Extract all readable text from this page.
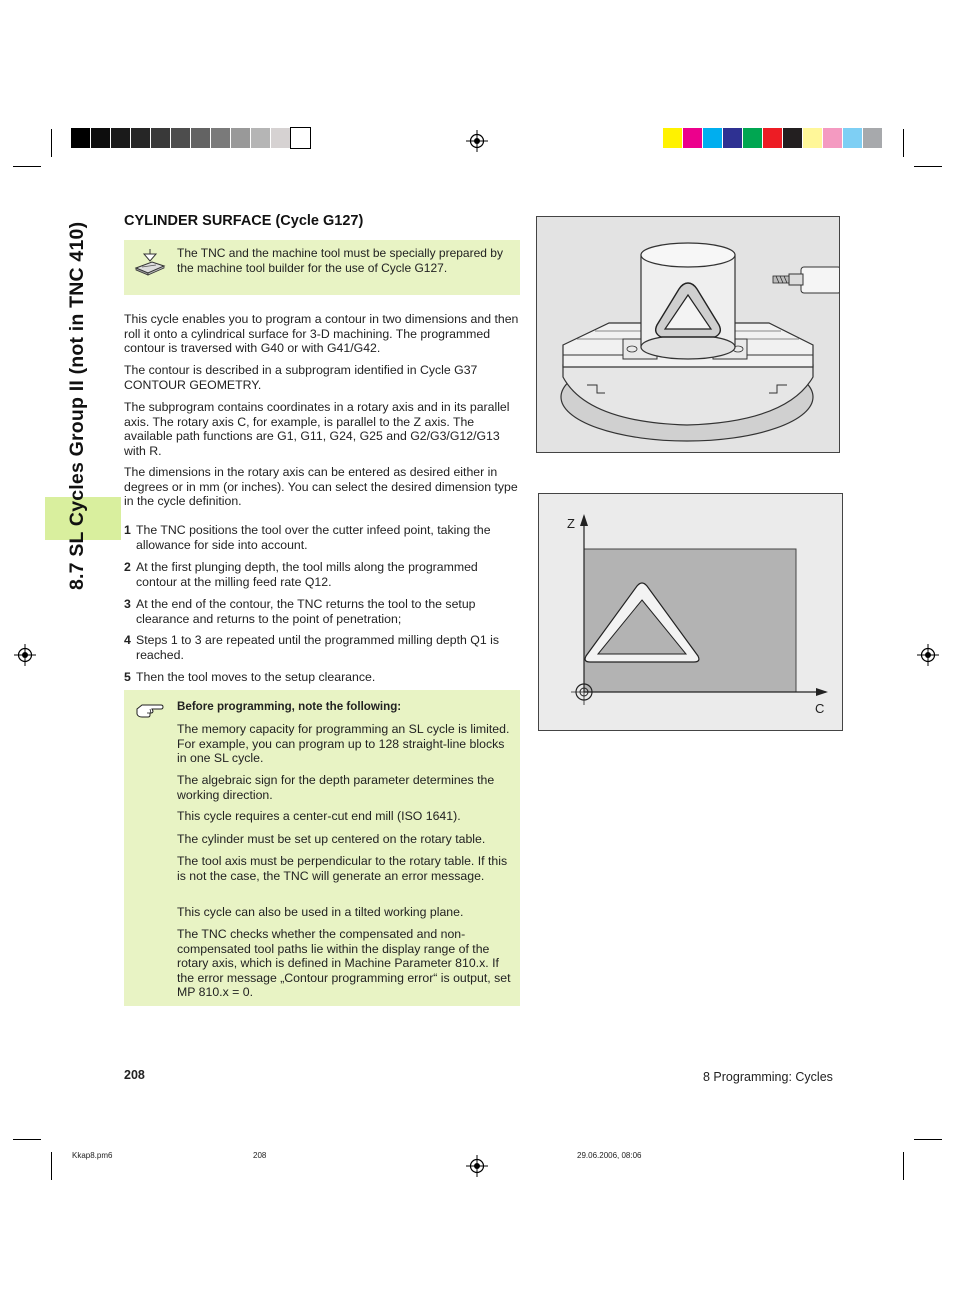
8.7 SL Cycles Group II (not in TNC 410)
CYLINDER SURFACE (Cycle G127)
The TNC and the machine tool must be specially prepared by the machine tool builder for the use of Cycle G127.

This cycle enables you to program a contour in two dimensions and then roll it onto a cylindrical surface for 3-D machining. The programmed contour is traversed with G40 or with G41/G42.

The contour is described in a subprogram identified in Cycle G37 CONTOUR GEOMETRY.

The subprogram contains coordinates in a rotary axis and in its parallel axis. The rotary axis C, for example, is parallel to the Z axis. The available path functions are G1, G11, G24, G25 and G2/G3/G12/G13 with R.

The dimensions in the rotary axis can be entered as desired either in degrees or in mm (or inches). You can select the desired dimension type in the cycle definition.

1 The TNC positions the tool over the cutter infeed point, taking the allowance for side into account.
2 At the first plunging depth, the tool mills along the programmed contour at the milling feed rate Q12.
3 At the end of the contour, the TNC returns the tool to the setup clearance and returns to the point of penetration;
4 Steps 1 to 3 are repeated until the programmed milling depth Q1 is reached.
5 Then the tool moves to the setup clearance.
Before programming, note the following:
The memory capacity for programming an SL cycle is limited. For example, you can program up to 128 straight-line blocks in one SL cycle.
The algebraic sign for the depth parameter determines the working direction.
This cycle requires a center-cut end mill (ISO 1641).
The cylinder must be set up centered on the rotary table.
The tool axis must be perpendicular to the rotary table. If this is not the case, the TNC will generate an error message.
This cycle can also be used in a tilted working plane.
The TNC checks whether the compensated and non-compensated tool paths lie within the display range of the rotary axis, which is defined in Machine Parameter 810.x. If the error message „Contour programming error“ is output, set MP 810.x = 0.
Z
C
208	8 Programming: Cycles
Kkap8.pm6	208	29.06.2006, 08:06
